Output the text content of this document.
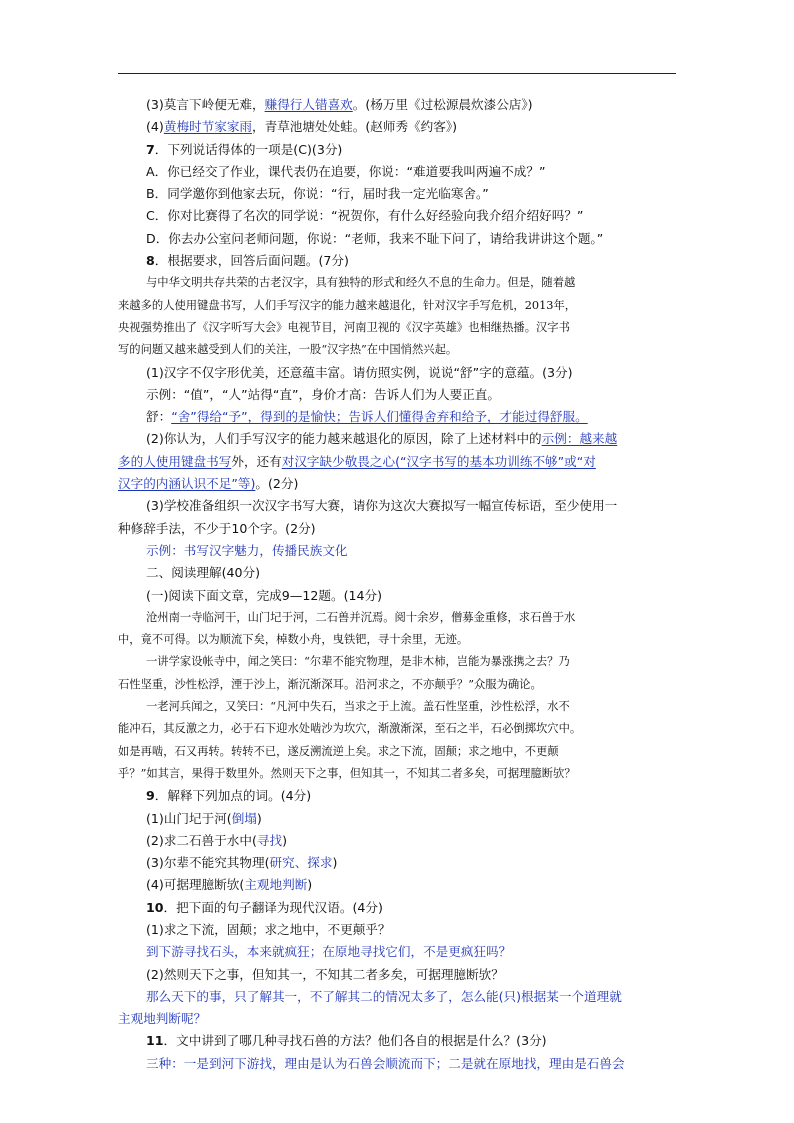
(3)莫言下岭便无难，赚得行人错喜欢。(杨万里《过松源晨炊漆公店》)
(4)黄梅时节家家雨，青草池塘处处蛙。(赵师秀《约客》)
7．下列说话得体的一项是(C)(3分)
A．你已经交了作业，课代表仍在追要，你说：“难道要我叫两遍不成？”
B．同学邀你到他家去玩，你说：“行，届时我一定光临寒舍。”
C．你对比赛得了名次的同学说：“祝贺你，有什么好经验向我介绍介绍好吗？”
D．你去办公室问老师问题，你说：“老师，我来不耻下问了，请给我讲讲这个题。”
8．根据要求，回答后面问题。(7分)
与中华文明共存共荣的古老汉字，具有独特的形式和经久不息的生命力。但是，随着越
来越多的人使用键盘书写，人们手写汉字的能力越来越退化，针对汉字手写危机，2013年，
央视强势推出了《汉字听写大会》电视节目，河南卫视的《汉字英雄》也相继热播。汉字书
写的问题又越来越受到人们的关注，一股“汉字热”在中国悄然兴起。
(1)汉字不仅字形优美，还意蕴丰富。请仿照实例，说说“舒”字的意蕴。(3分)
示例：“值”，“人”站得“直”，身价才高：告诉人们为人要正直。
舒：“舍”得给“予”，得到的是愉快；告诉人们懂得舍弃和给予，才能过得舒服。
(2)你认为，人们手写汉字的能力越来越退化的原因，除了上述材料中的示例：越来越
多的人使用键盘书写外，还有对汉字缺少敬畏之心(“汉字书写的基本功训练不够”或“对
汉字的内涵认识不足”等)。(2分)
(3)学校准备组织一次汉字书写大赛，请你为这次大赛拟写一幅宣传标语，至少使用一
种修辞手法，不少于10个字。(2分)
示例：书写汉字魅力，传播民族文化
二、阅读理解(40分)
(一)阅读下面文章，完成9—12题。(14分)
沧州南一寺临河干，山门圮于河，二石兽并沉焉。阅十余岁，僧募金重修，求石兽于水
中，竟不可得。以为顺流下矣，棹数小舟，曳铁钯，寻十余里，无迹。
一讲学家设帐寺中，闻之笑曰：“尔辈不能究物理，是非木柿，岂能为暴涨携之去？乃
石性坚重，沙性松浮，湮于沙上，渐沉渐深耳。沿河求之，不亦颠乎？”众服为确论。
一老河兵闻之，又笑曰：“凡河中失石，当求之于上流。盖石性坚重，沙性松浮，水不
能冲石，其反激之力，必于石下迎水处啮沙为坎穴，渐激渐深，至石之半，石必倒掷坎穴中。
如是再啮，石又再转。转转不已，遂反溯流逆上矣。求之下流，固颠；求之地中，不更颠
乎？”如其言，果得于数里外。然则天下之事，但知其一，不知其二者多矣，可据理臆断欤？
9．解释下列加点的词。(4分)
(1)山门圮于河(倒塌)
(2)求二石兽于水中(寻找)
(3)尔辈不能究其物理(研究、探求)
(4)可据理臆断欤(主观地判断)
10．把下面的句子翻译为现代汉语。(4分)
(1)求之下流，固颠；求之地中，不更颠乎？
到下游寻找石头，本来就疯狂；在原地寻找它们，不是更疯狂吗？
(2)然则天下之事，但知其一，不知其二者多矣，可据理臆断欤？
那么天下的事，只了解其一，不了解其二的情况太多了，怎么能(只)根据某一个道理就
主观地判断呢？
11．文中讲到了哪几种寻找石兽的方法？他们各自的根据是什么？(3分)
三种：一是到河下游找，理由是认为石兽会顺流而下；二是就在原地找，理由是石兽会
